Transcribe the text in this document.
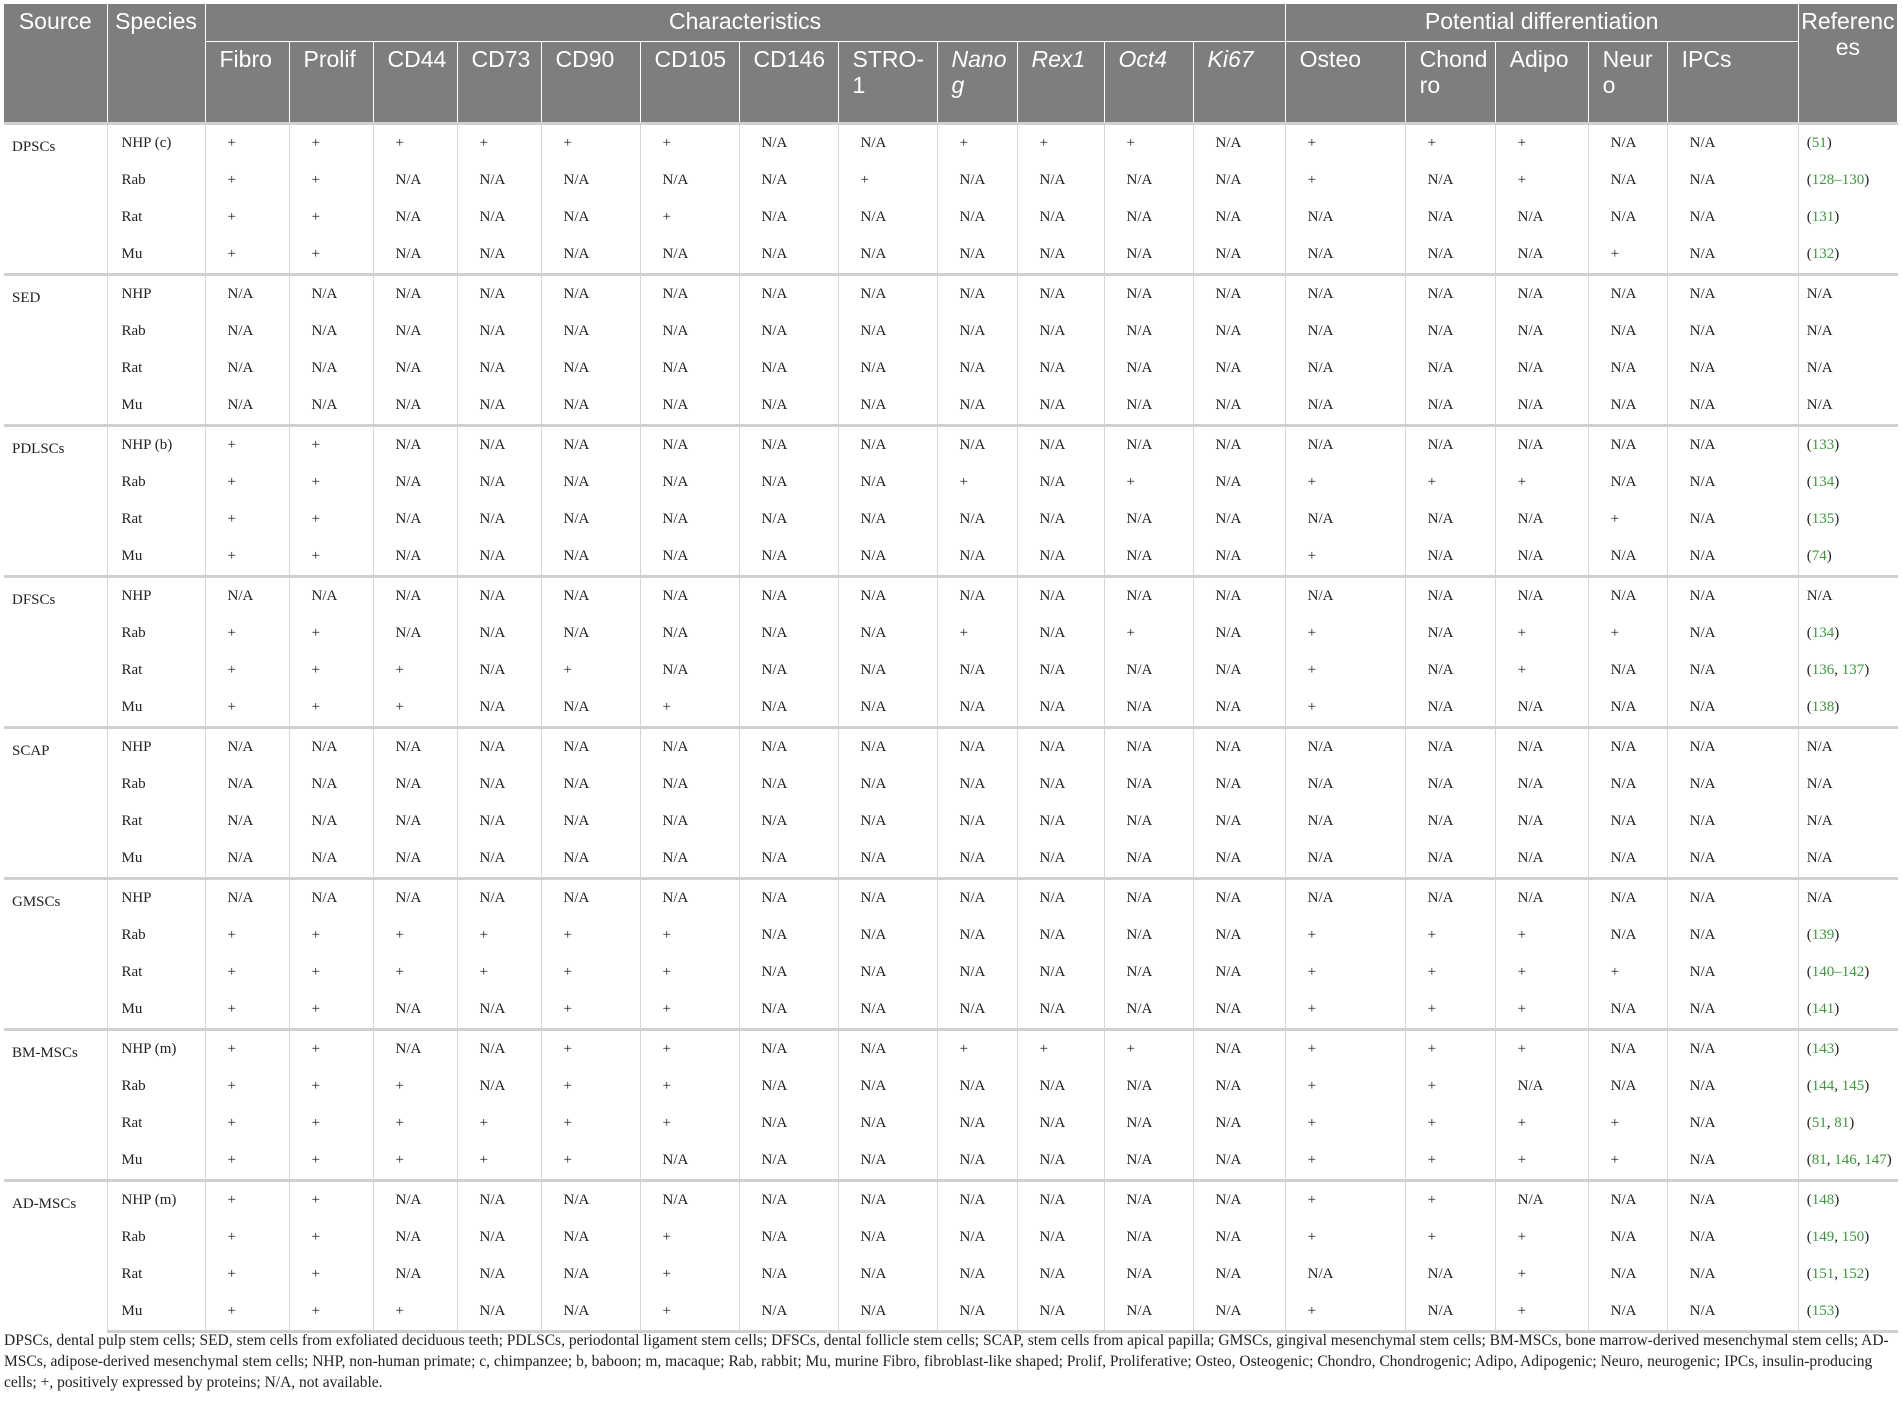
Source	Species	Characteristics												Potential differentiation					References
		Fibro	Prolif	CD44	CD73	CD90	CD105	CD146	STRO-1	Nanog	Rex1	Oct4	Ki67	Osteo	Chondro	Adipo	Neuro	IPCs	
DPSCs	NHP (c)	+	+	+	+	+	+	N/A	N/A	+	+	+	N/A	+	+	+	N/A	N/A	(51)
	Rab	+	+	N/A	N/A	N/A	N/A	N/A	+	N/A	N/A	N/A	N/A	+	N/A	+	N/A	N/A	(128–130)
	Rat	+	+	N/A	N/A	N/A	+	N/A	N/A	N/A	N/A	N/A	N/A	N/A	N/A	N/A	N/A	N/A	(131)
	Mu	+	+	N/A	N/A	N/A	N/A	N/A	N/A	N/A	N/A	N/A	N/A	N/A	N/A	N/A	+	N/A	(132)
SED	NHP	N/A	N/A	N/A	N/A	N/A	N/A	N/A	N/A	N/A	N/A	N/A	N/A	N/A	N/A	N/A	N/A	N/A	N/A
	Rab	N/A	N/A	N/A	N/A	N/A	N/A	N/A	N/A	N/A	N/A	N/A	N/A	N/A	N/A	N/A	N/A	N/A	N/A
	Rat	N/A	N/A	N/A	N/A	N/A	N/A	N/A	N/A	N/A	N/A	N/A	N/A	N/A	N/A	N/A	N/A	N/A	N/A
	Mu	N/A	N/A	N/A	N/A	N/A	N/A	N/A	N/A	N/A	N/A	N/A	N/A	N/A	N/A	N/A	N/A	N/A	N/A
PDLSCs	NHP (b)	+	+	N/A	N/A	N/A	N/A	N/A	N/A	N/A	N/A	N/A	N/A	N/A	N/A	N/A	N/A	N/A	(133)
	Rab	+	+	N/A	N/A	N/A	N/A	N/A	N/A	+	N/A	+	N/A	+	+	+	N/A	N/A	(134)
	Rat	+	+	N/A	N/A	N/A	N/A	N/A	N/A	N/A	N/A	N/A	N/A	N/A	N/A	N/A	+	N/A	(135)
	Mu	+	+	N/A	N/A	N/A	N/A	N/A	N/A	N/A	N/A	N/A	N/A	+	N/A	N/A	N/A	N/A	(74)
DFSCs	NHP	N/A	N/A	N/A	N/A	N/A	N/A	N/A	N/A	N/A	N/A	N/A	N/A	N/A	N/A	N/A	N/A	N/A	N/A
	Rab	+	+	N/A	N/A	N/A	N/A	N/A	N/A	+	N/A	+	N/A	+	N/A	+	+	N/A	(134)
	Rat	+	+	+	N/A	+	N/A	N/A	N/A	N/A	N/A	N/A	N/A	+	N/A	+	N/A	N/A	(136, 137)
	Mu	+	+	+	N/A	N/A	+	N/A	N/A	N/A	N/A	N/A	N/A	+	N/A	N/A	N/A	N/A	(138)
SCAP	NHP	N/A	N/A	N/A	N/A	N/A	N/A	N/A	N/A	N/A	N/A	N/A	N/A	N/A	N/A	N/A	N/A	N/A	N/A
	Rab	N/A	N/A	N/A	N/A	N/A	N/A	N/A	N/A	N/A	N/A	N/A	N/A	N/A	N/A	N/A	N/A	N/A	N/A
	Rat	N/A	N/A	N/A	N/A	N/A	N/A	N/A	N/A	N/A	N/A	N/A	N/A	N/A	N/A	N/A	N/A	N/A	N/A
	Mu	N/A	N/A	N/A	N/A	N/A	N/A	N/A	N/A	N/A	N/A	N/A	N/A	N/A	N/A	N/A	N/A	N/A	N/A
GMSCs	NHP	N/A	N/A	N/A	N/A	N/A	N/A	N/A	N/A	N/A	N/A	N/A	N/A	N/A	N/A	N/A	N/A	N/A	N/A
	Rab	+	+	+	+	+	+	N/A	N/A	N/A	N/A	N/A	N/A	+	+	+	N/A	N/A	(139)
	Rat	+	+	+	+	+	+	N/A	N/A	N/A	N/A	N/A	N/A	+	+	+	+	N/A	(140–142)
	Mu	+	+	N/A	N/A	+	+	N/A	N/A	N/A	N/A	N/A	N/A	+	+	+	N/A	N/A	(141)
BM-MSCs	NHP (m)	+	+	N/A	N/A	+	+	N/A	N/A	+	+	+	N/A	+	+	+	N/A	N/A	(143)
	Rab	+	+	+	N/A	+	+	N/A	N/A	N/A	N/A	N/A	N/A	+	+	N/A	N/A	N/A	(144, 145)
	Rat	+	+	+	+	+	+	N/A	N/A	N/A	N/A	N/A	N/A	+	+	+	+	N/A	(51, 81)
	Mu	+	+	+	+	+	N/A	N/A	N/A	N/A	N/A	N/A	N/A	+	+	+	+	N/A	(81, 146, 147)
AD-MSCs	NHP (m)	+	+	N/A	N/A	N/A	N/A	N/A	N/A	N/A	N/A	N/A	N/A	+	+	N/A	N/A	N/A	(148)
	Rab	+	+	N/A	N/A	N/A	+	N/A	N/A	N/A	N/A	N/A	N/A	+	+	+	N/A	N/A	(149, 150)
	Rat	+	+	N/A	N/A	N/A	+	N/A	N/A	N/A	N/A	N/A	N/A	N/A	N/A	+	N/A	N/A	(151, 152)
	Mu	+	+	+	N/A	N/A	+	N/A	N/A	N/A	N/A	N/A	N/A	+	N/A	+	N/A	N/A	(153)
DPSCs, dental pulp stem cells; SED, stem cells from exfoliated deciduous teeth; PDLSCs, periodontal ligament stem cells; DFSCs, dental follicle stem cells; SCAP, stem cells from apical papilla; GMSCs, gingival mesenchymal stem cells; BM-MSCs, bone marrow-derived mesenchymal stem cells; AD-MSCs, adipose-derived mesenchymal stem cells; NHP, non-human primate; c, chimpanzee; b, baboon; m, macaque; Rab, rabbit; Mu, murine Fibro, fibroblast-like shaped; Prolif, Proliferative; Osteo, Osteogenic; Chondro, Chondrogenic; Adipo, Adipogenic; Neuro, neurogenic; IPCs, insulin-producing cells; +, positively expressed by proteins; N/A, not available.
